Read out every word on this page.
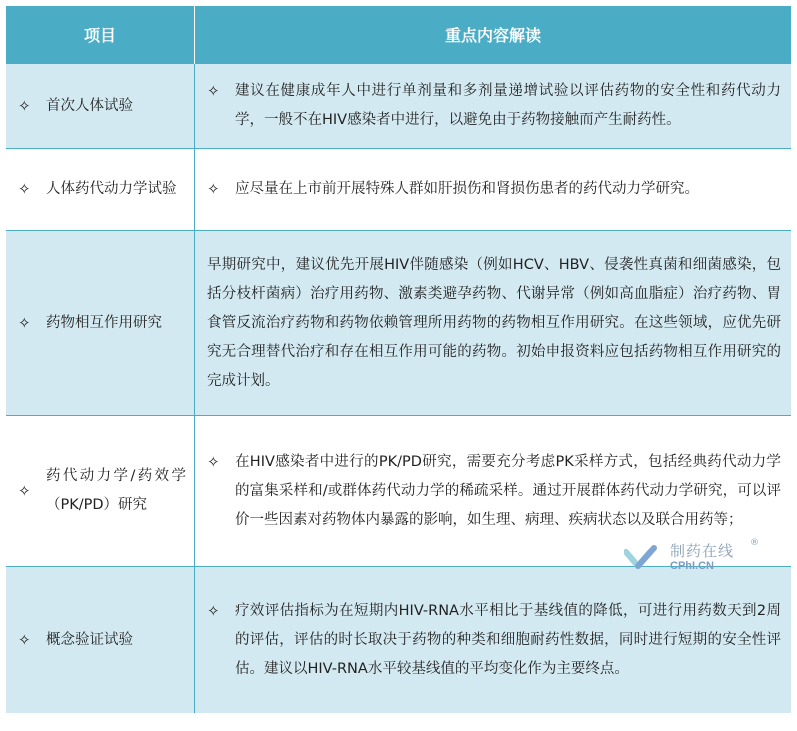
项目	重点内容解读

✧ 首次人体试验	✧ 建议在健康成年人中进行单剂量和多剂量递增试验以评估药物的安全性和药代动力学，一般不在HIV感染者中进行，以避免由于药物接触而产生耐药性。

✧ 人体药代动力学试验	✧ 应尽量在上市前开展特殊人群如肝损伤和肾损伤患者的药代动力学研究。

✧ 药物相互作用研究	早期研究中，建议优先开展HIV伴随感染（例如HCV、HBV、侵袭性真菌和细菌感染，包括分枝杆菌病）治疗用药物、激素类避孕药物、代谢异常（例如高血脂症）治疗药物、胃食管反流治疗药物和药物依赖管理所用药物的药物相互作用研究。在这些领域，应优先研究无合理替代治疗和存在相互作用可能的药物。初始申报资料应包括药物相互作用研究的完成计划。

✧
药代动力学/药效学（PK/PD）研究	✧ 在HIV感染者中进行的PK/PD研究，需要充分考虑PK采样方式，包括经典药代动力学的富集采样和/或群体药代动力学的稀疏采样。通过开展群体药代动力学研究，可以评价一些因素对药物体内暴露的影响，如生理、病理、疾病状态以及联合用药等；

✧ 概念验证试验	✧ 疗效评估指标为在短期内HIV-RNA水平相比于基线值的降低，可进行用药数天到2周的评估，评估的时长取决于药物的种类和细胞耐药性数据，同时进行短期的安全性评估。建议以HIV-RNA水平较基线值的平均变化作为主要终点。
制药在线 ®
CPhI.CN
